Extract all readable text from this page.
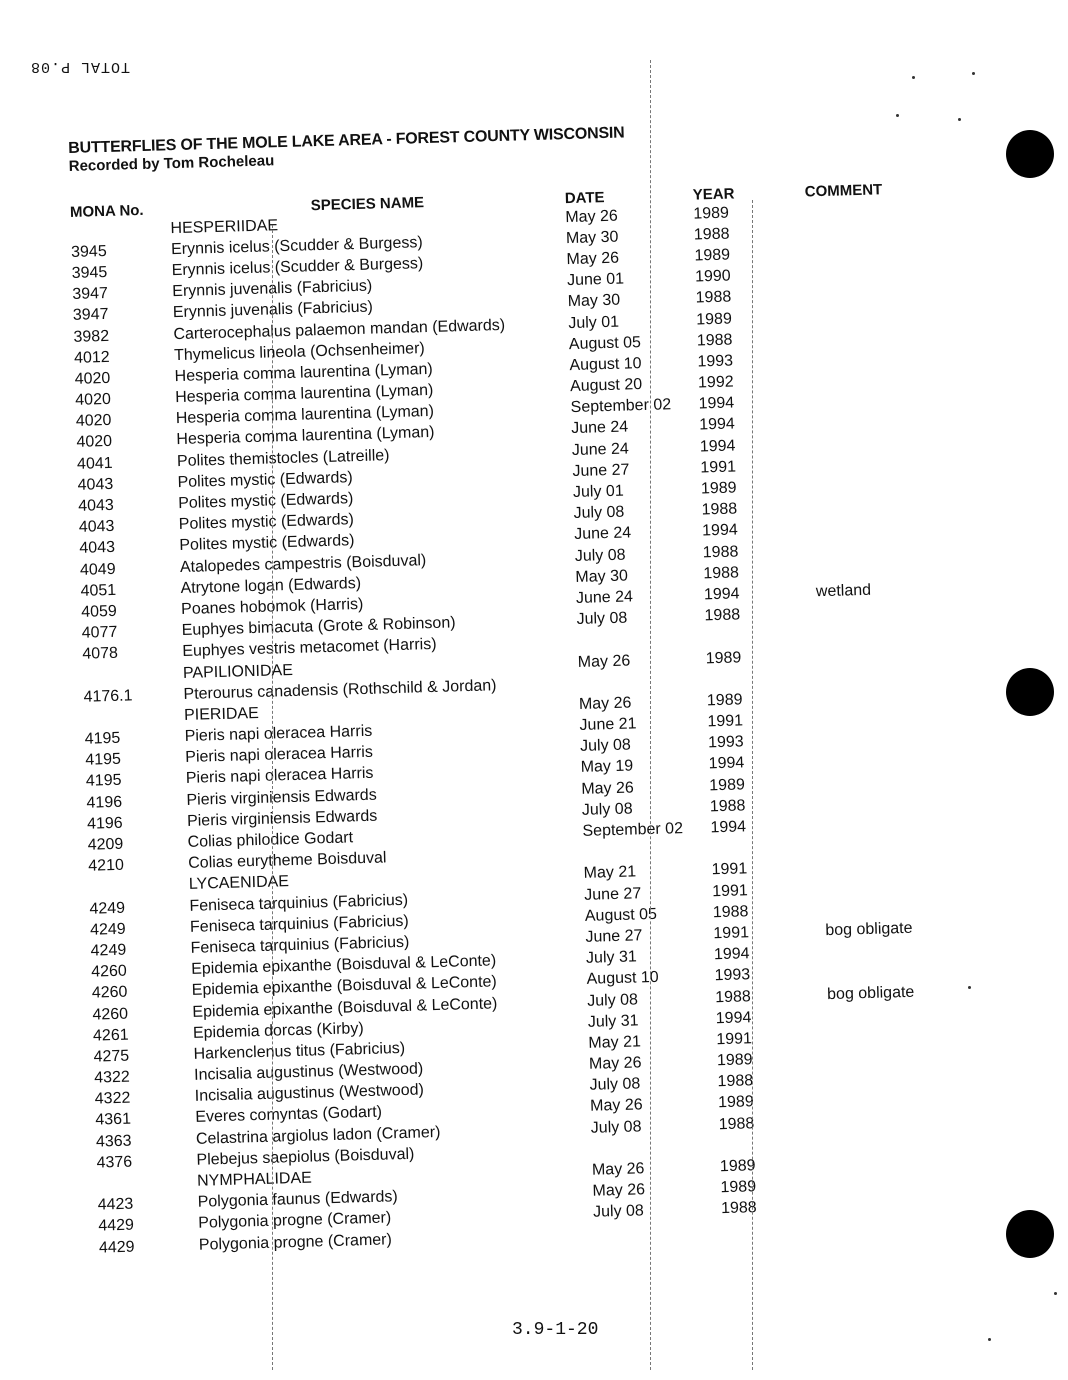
TOTAL P.08

BUTTERFLIES OF THE MOLE LAKE AREA - FOREST COUNTY WISCONSIN

Recorded by Tom Rocheleau

MONA No.	SPECIES NAME	DATE	YEAR	COMMENT
	HESPERIIDAE	May 26	1989	
3945	Erynnis icelus (Scudder & Burgess)	May 30	1988	
3945	Erynnis icelus (Scudder & Burgess)	May 26	1989	
3947	Erynnis juvenalis (Fabricius)	June 01	1990	
3947	Erynnis juvenalis (Fabricius)	May 30	1988	
3982	Carterocephalus palaemon mandan (Edwards)	July 01	1989	
4012	Thymelicus lineola (Ochsenheimer)	August 05	1988	
4020	Hesperia comma laurentina (Lyman)	August 10	1993	
4020	Hesperia comma laurentina (Lyman)	August 20	1992	
4020	Hesperia comma laurentina (Lyman)	September 02	1994	
4020	Hesperia comma laurentina (Lyman)	June 24	1994	
4041	Polites themistocles (Latreille)	June 24	1994	
4043	Polites mystic (Edwards)	June 27	1991	
4043	Polites mystic (Edwards)	July 01	1989	
4043	Polites mystic (Edwards)	July 08	1988	
4043	Polites mystic (Edwards)	June 24	1994	
4049	Atalopedes campestris (Boisduval)	July 08	1988	
4051	Atrytone logan (Edwards)	May 30	1988	
4059	Poanes hobomok (Harris)	June 24	1994	wetland
4077	Euphyes bimacuta (Grote & Robinson)	July 08	1988	
4078	Euphyes vestris metacomet (Harris)			
	PAPILIONIDAE	May 26	1989	
4176.1	Pterourus canadensis (Rothschild & Jordan)			
	PIERIDAE	May 26	1989	
4195	Pieris napi oleracea Harris	June 21	1991	
4195	Pieris napi oleracea Harris	July 08	1993	
4195	Pieris napi oleracea Harris	May 19	1994	
4196	Pieris virginiensis Edwards	May 26	1989	
4196	Pieris virginiensis Edwards	July 08	1988	
4209	Colias philodice Godart	September 02	1994	
4210	Colias eurytheme Boisduval			
	LYCAENIDAE	May 21	1991	
4249	Feniseca tarquinius (Fabricius)	June 27	1991	
4249	Feniseca tarquinius (Fabricius)	August 05	1988	
4249	Feniseca tarquinius (Fabricius)	June 27	1991	bog obligate
4260	Epidemia epixanthe (Boisduval & LeConte)	July 31	1994	
4260	Epidemia epixanthe (Boisduval & LeConte)	August 10	1993	
4260	Epidemia epixanthe (Boisduval & LeConte)	July 08	1988	bog obligate
4261	Epidemia dorcas (Kirby)	July 31	1994	
4275	Harkenclenus titus (Fabricius)	May 21	1991	
4322	Incisalia augustinus (Westwood)	May 26	1989	
4322	Incisalia augustinus (Westwood)	July 08	1988	
4361	Everes comyntas (Godart)	May 26	1989	
4363	Celastrina argiolus ladon (Cramer)	July 08	1988	
4376	Plebejus saepiolus (Boisduval)			
	NYMPHALIDAE	May 26	1989	
4423	Polygonia faunus (Edwards)	May 26	1989	
4429	Polygonia progne (Cramer)	July 08	1988	
4429	Polygonia progne (Cramer)			
3.9-1-20
